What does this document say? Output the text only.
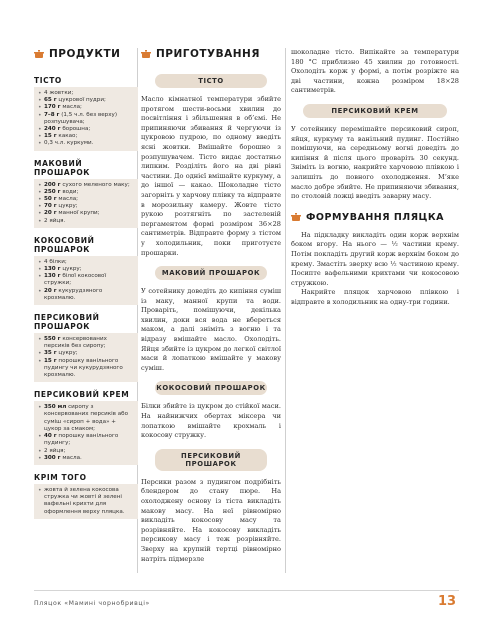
ПРОДУКТИ
ТІСТО
• 4 жовтки;
• 65 г цукрової пудри;
• 170 г масла;
• 7–8 г (1,5 ч.л. без верху) розпушувача;
• 240 г борошна;
• 15 г какао;
• 0,3 ч.л. куркуми.
МАКОВИЙ ПРОШАРОК
• 200 г сухого меленого маку;
• 250 г води;
• 50 г масла;
• 70 г цукру;
• 20 г манної крупи;
• 2 яйця.
КОКОСОВИЙ ПРОШАРОК
• 4 білки;
• 130 г цукру;
• 130 г білої кокосової стружки;
• 20 г кукурудзяного крохмалю.
ПЕРСИКОВИЙ ПРОШАРОК
• 550 г консервованих персиків без сиропу;
• 35 г цукру;
• 15 г порошку ванільного пудингу чи кукурудзяного крохмалю.
ПЕРСИКОВИЙ КРЕМ
• 350 мл сиропу з консервованих персиків або суміш «сироп + вода» + цукор за смаком;
• 40 г порошку ванільного пудингу;
• 2 яйця;
• 300 г масла.
КРІМ ТОГО
• жовта й зелена кокосова стружка чи жовті й зелені вафельні крихти для оформлення верху пляцка.
ПРИГОТУВАННЯ
ТІСТО
Масло кімнатної температури збийте протягом шести-восьми хвилин до посвітління і збільшення в об’ємі. Не припиняючи збивання й чергуючи із цукровою пудрою, по одному введіть ясні жовтки. Вмішайте борошно з розпушувачем. Тісто видає достатньо липким. Розділіть його на дві рівні частини. До однієї вмішайте куркуму, а до іншої — какао. Шоколадне тісто загорніть у харчову плівку та відправте в морозильну камеру. Жовте тісто рукою розтягніть по застеленій пергаментом формі розміром 36×28 сантиметрів. Відправте форму з тістом у холодильник, поки приготуєте прошарки.
МАКОВИЙ ПРОШАРОК
У сотейнику доведіть до кипіння суміш із маку, манної крупи та води. Проварiть, помішуючи, декілька хвилин, доки вся вода не вбереться маком, а далі зніміть з вогню і та відразу вмішайте масло. Охолодіть. Яйця збийте із цукром до легкої світлої маси й лопаткою вмішайте у макову суміш.
КОКОСОВИЙ ПРОШАРОК
Білки збийте із цукром до стійкої маси. На найнижчих обертах міксера чи лопаткою вмішайте крохмаль і кокосову стружку.
ПЕРСИКОВИЙ ПРОШАРОК
Персики разом з пудингом подрібніть блендером до стану пюре. На охолоджену основу із тіста викладіть макову масу. На неї рівномірно викладіть кокосову масу та розрівняйте. На кокосову викладіть персикову масу і теж розрівняйте. Зверху на крупній тертці рівномірно натріть підмерзле
шоколадне тісто. Випікайте за температури 180 °С приблизно 45 хвилин до готовності. Охолодіть корж у формі, а потім розріжте на дві частини, кожна розміром 18×28 сантиметрів.
ПЕРСИКОВИЙ КРЕМ
У сотейнику перемішайте персиковий сироп, яйця, куркуму та ванільний пудинг. Постійно помішуючи, на середньому вогні доведіть до кипіння й після цього проваріть 30 секунд. Зніміть із вогню, накрийте харчовою плівкою і залишіть до повного охолодження. М’яке масло добре збийте. Не припиняючи збивання, по столовій ложці введіть заварну масу.
ФОРМУВАННЯ ПЛЯЦКА
На підкладку викладіть один корж верхнім боком вгору. На нього — ½ частини крему. Потім покладіть другий корж верхнім боком до крему. Змастіть зверху всю ½ частиною крему. Посипте вафельними крихтами чи кокосовою стружкою.
Накрийте пляцок харчовою плівкою і відправте в холодильник на одну-три години.
Пляцок «Мамині чорнобривці»	13
